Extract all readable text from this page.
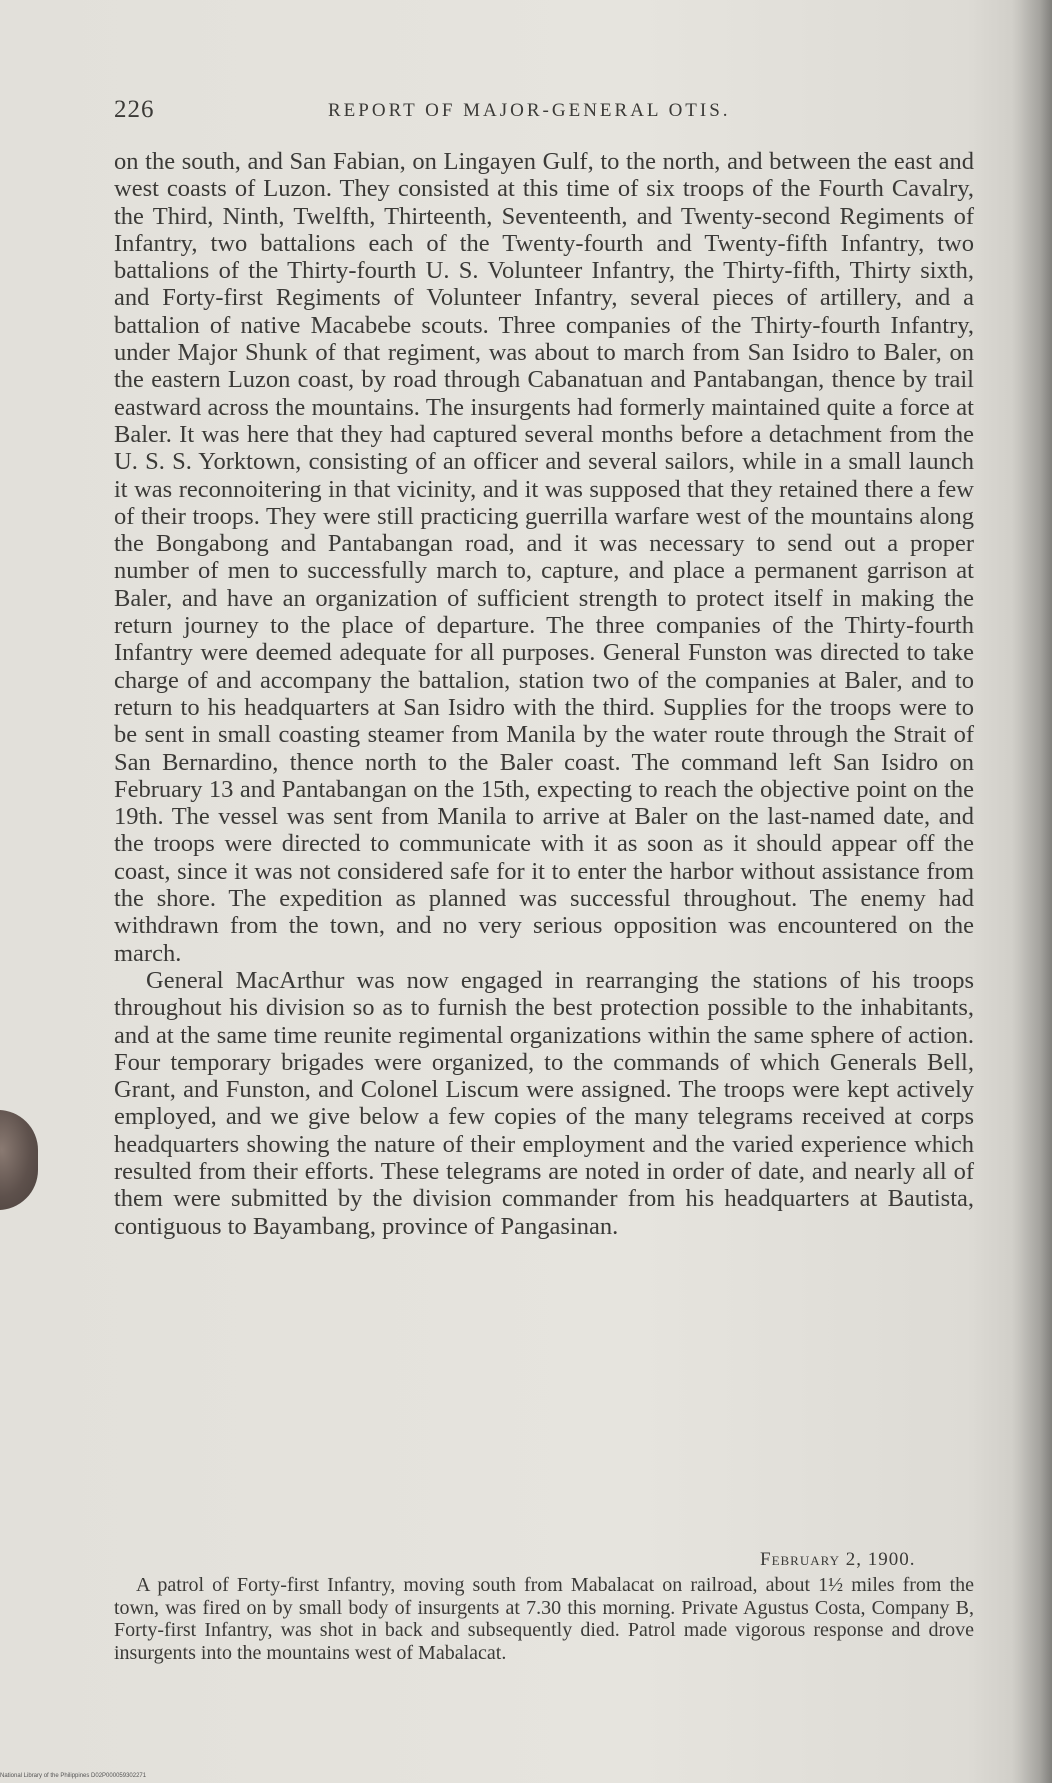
226	REPORT OF MAJOR-GENERAL OTIS.

on the south, and San Fabian, on Lingayen Gulf, to the north, and between the east and west coasts of Luzon. They consisted at this time of six troops of the Fourth Cavalry, the Third, Ninth, Twelfth, Thirteenth, Seventeenth, and Twenty-second Regiments of Infantry, two battalions each of the Twenty-fourth and Twenty-fifth Infantry, two battalions of the Thirty-fourth U. S. Volunteer Infantry, the Thirty-fifth, Thirty sixth, and Forty-first Regiments of Volunteer Infantry, several pieces of artillery, and a battalion of native Macabebe scouts. Three companies of the Thirty-fourth Infantry, under Major Shunk of that regiment, was about to march from San Isidro to Baler, on the eastern Luzon coast, by road through Cabanatuan and Pantabangan, thence by trail eastward across the mountains. The insurgents had formerly maintained quite a force at Baler. It was here that they had captured several months before a detachment from the U. S. S. Yorktown, consisting of an officer and several sailors, while in a small launch it was reconnoitering in that vicinity, and it was supposed that they retained there a few of their troops. They were still practicing guerrilla warfare west of the mountains along the Bongabong and Pantabangan road, and it was necessary to send out a proper number of men to successfully march to, capture, and place a permanent garrison at Baler, and have an organization of sufficient strength to protect itself in making the return journey to the place of departure. The three companies of the Thirty-fourth Infantry were deemed adequate for all purposes. General Funston was directed to take charge of and accompany the battalion, station two of the companies at Baler, and to return to his headquarters at San Isidro with the third. Supplies for the troops were to be sent in small coasting steamer from Manila by the water route through the Strait of San Bernardino, thence north to the Baler coast. The command left San Isidro on February 13 and Pantabangan on the 15th, expecting to reach the objective point on the 19th. The vessel was sent from Manila to arrive at Baler on the last-named date, and the troops were directed to communicate with it as soon as it should appear off the coast, since it was not considered safe for it to enter the harbor without assistance from the shore. The expedition as planned was successful throughout. The enemy had withdrawn from the town, and no very serious opposition was encountered on the march.

General MacArthur was now engaged in rearranging the stations of his troops throughout his division so as to furnish the best protection possible to the inhabitants, and at the same time reunite regimental organizations within the same sphere of action. Four temporary brigades were organized, to the commands of which Generals Bell, Grant, and Funston, and Colonel Liscum were assigned. The troops were kept actively employed, and we give below a few copies of the many telegrams received at corps headquarters showing the nature of their employment and the varied experience which resulted from their efforts. These telegrams are noted in order of date, and nearly all of them were submitted by the division commander from his headquarters at Bautista, contiguous to Bayambang, province of Pangasinan.

February 2, 1900.
A patrol of Forty-first Infantry, moving south from Mabalacat on railroad, about 1½ miles from the town, was fired on by small body of insurgents at 7.30 this morning. Private Agustus Costa, Company B, Forty-first Infantry, was shot in back and subsequently died. Patrol made vigorous response and drove insurgents into the mountains west of Mabalacat.
National Library of the Philippines D02P000059302271
